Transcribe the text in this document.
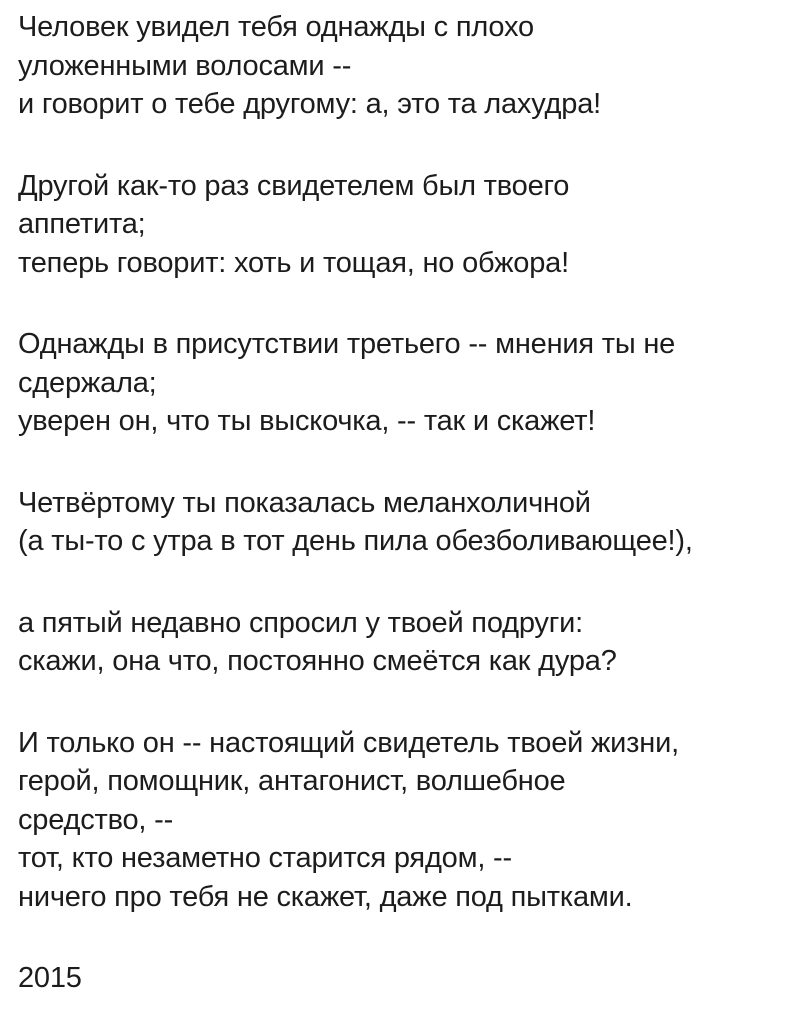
Человек увидел тебя однажды с плохо
уложенными волосами --
и говорит о тебе другому: а, это та лахудра!
Другой как-то раз свидетелем был твоего
аппетита;
теперь говорит: хоть и тощая, но обжора!
Однажды в присутствии третьего -- мнения ты не
сдержала;
уверен он, что ты выскочка, -- так и скажет!
Четвёртому ты показалась меланхоличной
(а ты-то с утра в тот день пила обезболивающее!),
а пятый недавно спросил у твоей подруги:
скажи, она что, постоянно смеётся как дура?
И только он -- настоящий свидетель твоей жизни,
герой, помощник, антагонист, волшебное
средство, --
тот, кто незаметно старится рядом, --
ничего про тебя не скажет, даже под пытками.
2015
